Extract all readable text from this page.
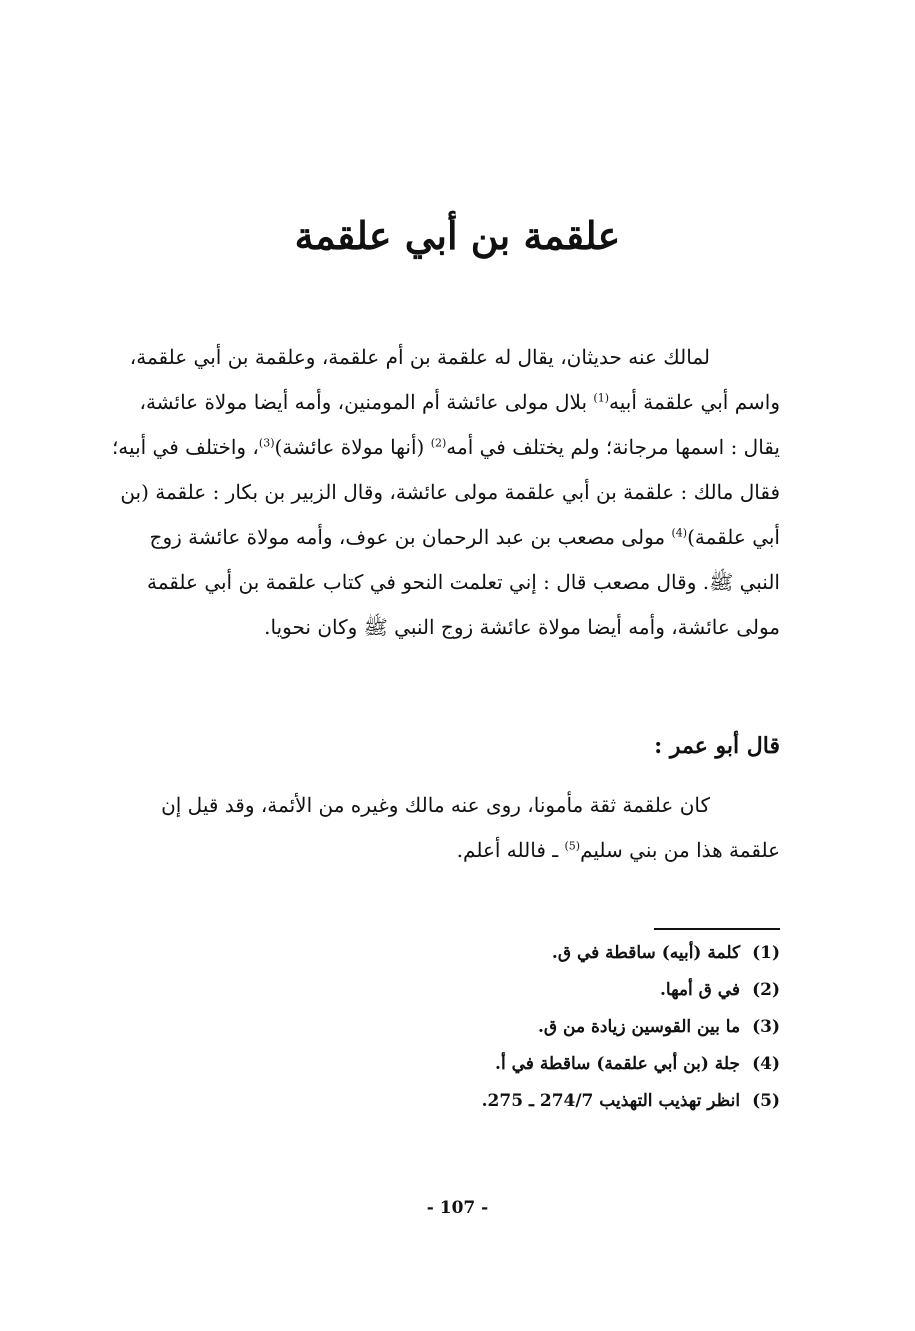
علقمة بن أبي علقمة
لمالك عنه حديثان، يقال له علقمة بن أم علقمة، وعلقمة بن أبي علقمة،
واسم أبي علقمة أبيه$^{(1)}$ بلال مولى عائشة أم المومنين، وأمه أيضا مولاة عائشة،
يقال : اسمها مرجانة؛ ولم يختلف في أمه$^{(2)}$ (أنها مولاة عائشة)$^{(3)}$، واختلف في أبيه؛
فقال مالك : علقمة بن أبي علقمة مولى عائشة، وقال الزبير بن بكار : علقمة (بن
أبي علقمة)$^{(4)}$ مولى مصعب بن عبد الرحمان بن عوف، وأمه مولاة عائشة زوج
النبي ﷺ. وقال مصعب قال : إني تعلمت النحو في كتاب علقمة بن أبي علقمة
مولى عائشة، وأمه أيضا مولاة عائشة زوج النبي ﷺ وكان نحويا.
قال أبو عمر :
كان علقمة ثقة مأمونا، روى عنه مالك وغيره من الأئمة، وقد قيل إن
علقمة هذا من بني سليم$^{(5)}$ ـ فالله أعلم.
(1)كلمة (أبيه) ساقطة في ق.
(2)في ق أمها.
(3)ما بين القوسين زيادة من ق.
(4)جلة (بن أبي علقمة) ساقطة في أ.
(5)انظر تهذيب التهذيب 274/7 ـ 275.
- 107 -
